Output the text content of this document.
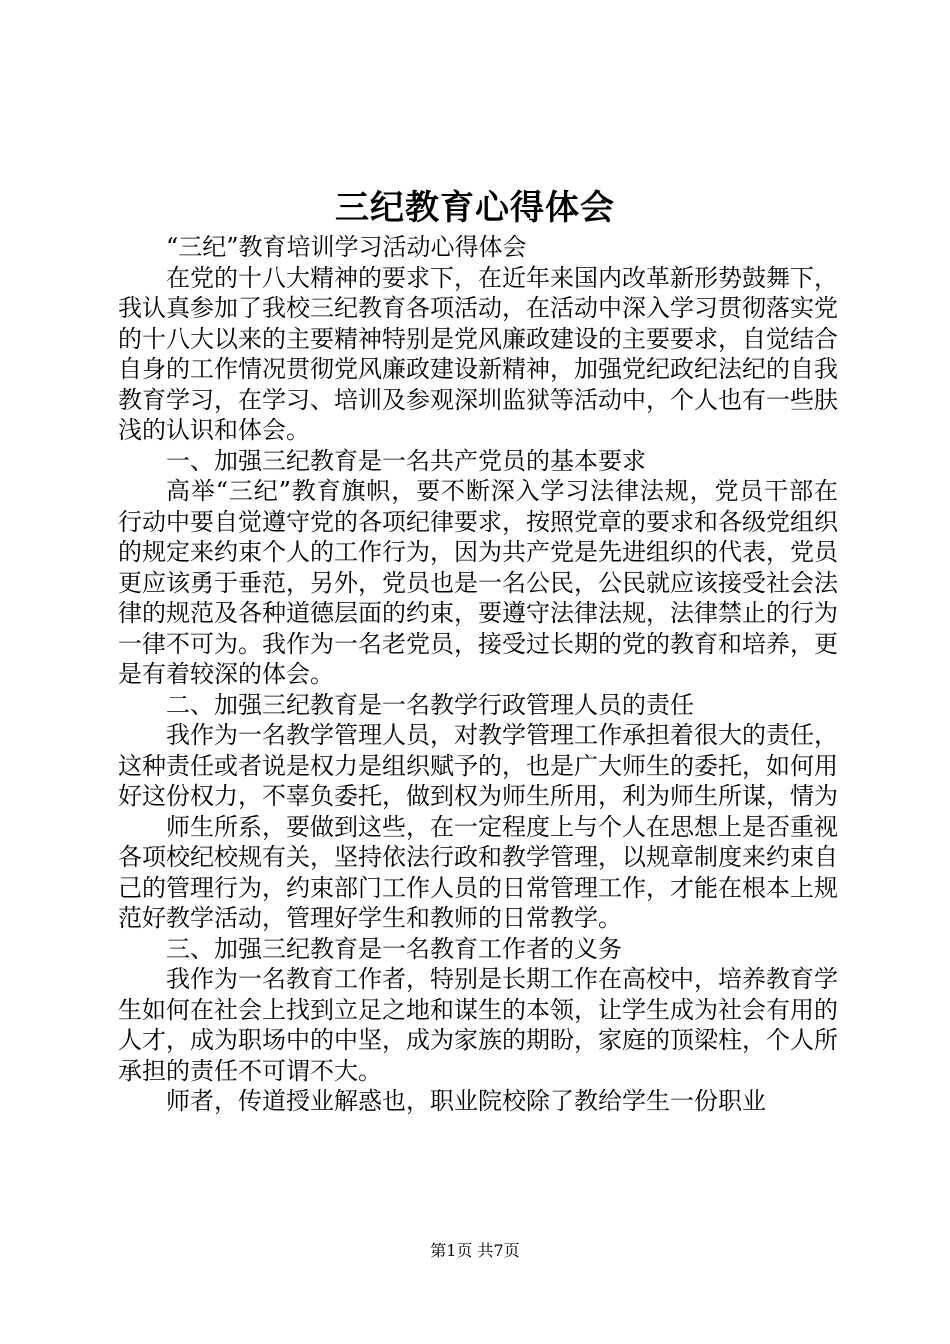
三纪教育心得体会

“三纪”教育培训学习活动心得体会

在党的十八大精神的要求下，在近年来国内改革新形势鼓舞下，我认真参加了我校三纪教育各项活动，在活动中深入学习贯彻落实党的十八大以来的主要精神特别是党风廉政建设的主要要求，自觉结合自身的工作情况贯彻党风廉政建设新精神，加强党纪政纪法纪的自我教育学习，在学习、培训及参观深圳监狱等活动中，个人也有一些肤浅的认识和体会。

一、加强三纪教育是一名共产党员的基本要求

高举“三纪”教育旗帜，要不断深入学习法律法规，党员干部在行动中要自觉遵守党的各项纪律要求，按照党章的要求和各级党组织的规定来约束个人的工作行为，因为共产党是先进组织的代表，党员更应该勇于垂范，另外，党员也是一名公民，公民就应该接受社会法律的规范及各种道德层面的约束，要遵守法律法规，法律禁止的行为一律不可为。我作为一名老党员，接受过长期的党的教育和培养，更是有着较深的体会。

二、加强三纪教育是一名教学行政管理人员的责任

我作为一名教学管理人员，对教学管理工作承担着很大的责任，这种责任或者说是权力是组织赋予的，也是广大师生的委托，如何用好这份权力，不辜负委托，做到权为师生所用，利为师生所谋，情为

师生所系，要做到这些，在一定程度上与个人在思想上是否重视各项校纪校规有关，坚持依法行政和教学管理，以规章制度来约束自己的管理行为，约束部门工作人员的日常管理工作，才能在根本上规范好教学活动，管理好学生和教师的日常教学。

三、加强三纪教育是一名教育工作者的义务

我作为一名教育工作者，特别是长期工作在高校中，培养教育学生如何在社会上找到立足之地和谋生的本领，让学生成为社会有用的人才，成为职场中的中坚，成为家族的期盼，家庭的顶梁柱，个人所承担的责任不可谓不大。

师者，传道授业解惑也，职业院校除了教给学生一份职业

第1页 共7页
